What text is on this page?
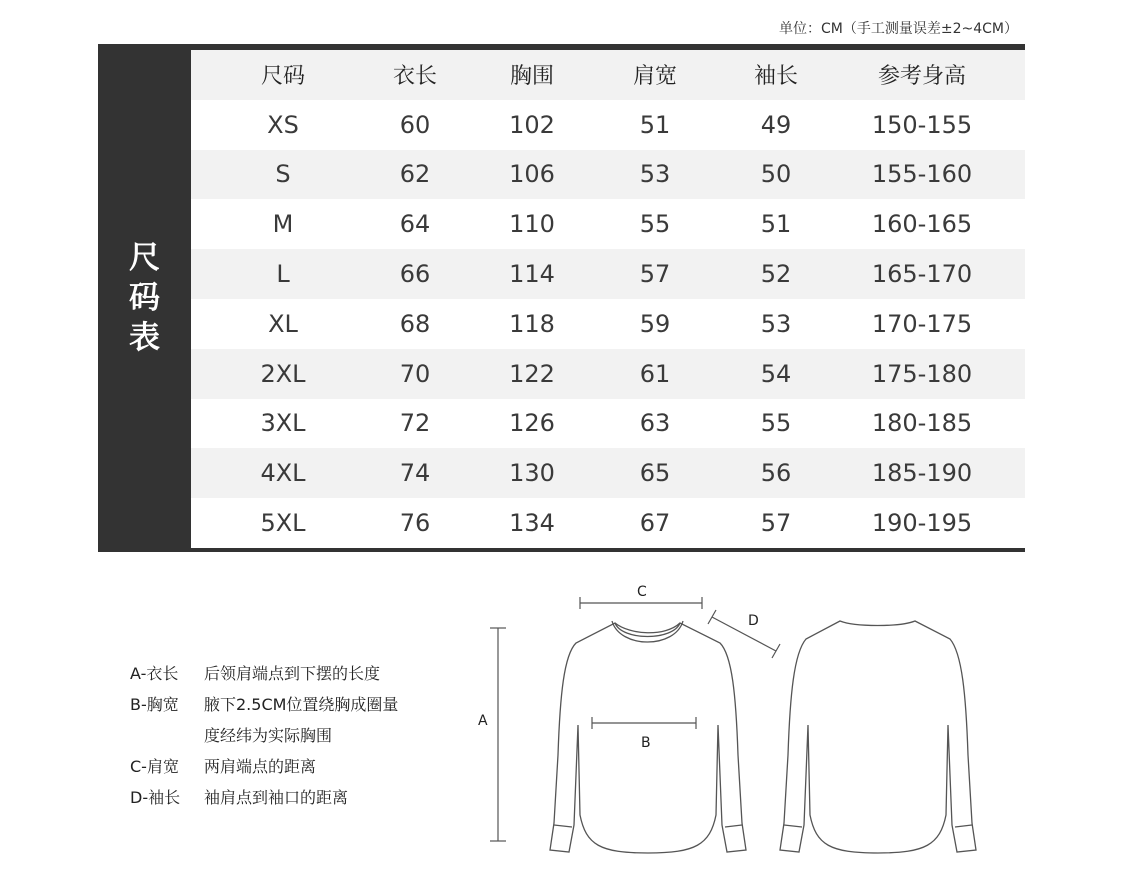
单位：CM（手工测量误差±2~4CM）
尺码表
尺码	衣长	胸围	肩宽	袖长	参考身高
XS	60	102	51	49	150-155
S	62	106	53	50	155-160
M	64	110	55	51	160-165
L	66	114	57	52	165-170
XL	68	118	59	53	170-175
2XL	70	122	61	54	175-180
3XL	72	126	63	55	180-185
4XL	74	130	65	56	185-190
5XL	76	134	67	57	190-195
A-衣长	后领肩端点到下摆的长度
B-胸宽	腋下2.5CM位置绕胸成圈量
度经纬为实际胸围
C-肩宽	两肩端点的距离
D-袖长	袖肩点到袖口的距离
A
B
C
D
